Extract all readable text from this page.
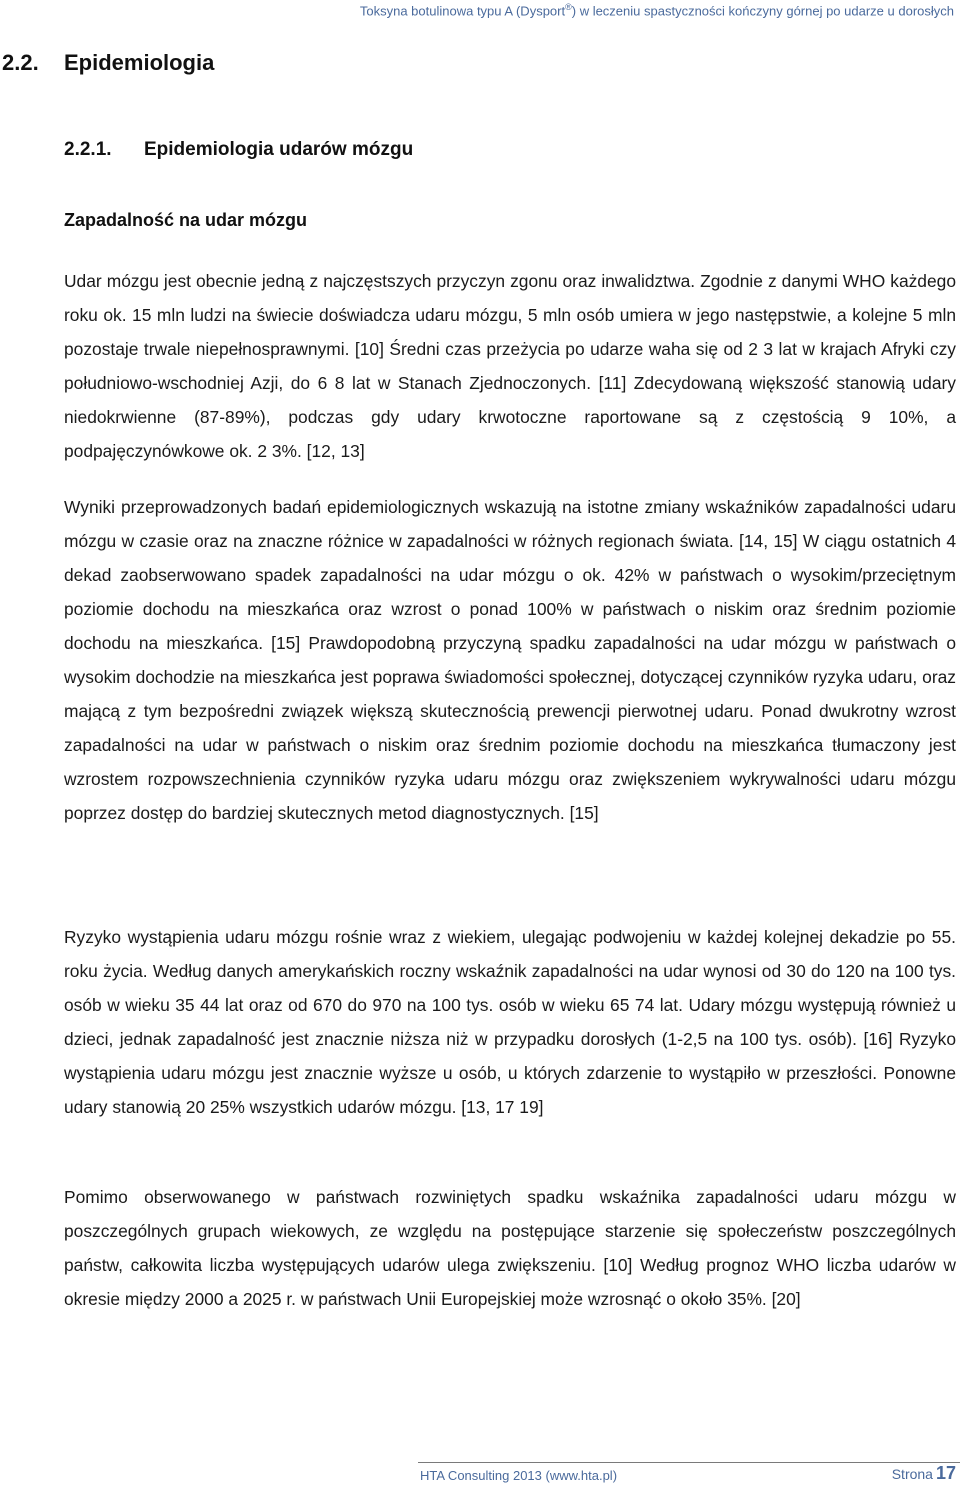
Toksyna botulinowa typu A (Dysport®) w leczeniu spastyczności kończyny górnej po udarze u dorosłych
2.2. Epidemiologia
2.2.1. Epidemiologia udarów mózgu
Zapadalność na udar mózgu

Udar mózgu jest obecnie jedną z najczęstszych przyczyn zgonu oraz inwalidztwa. Zgodnie z danymi WHO każdego roku ok. 15 mln ludzi na świecie doświadcza udaru mózgu, 5 mln osób umiera w jego następstwie, a kolejne 5 mln pozostaje trwale niepełnosprawnymi. [10] Średni czas przeżycia po udarze waha się od 2 3 lat w krajach Afryki czy południowo-wschodniej Azji, do 6 8 lat w Stanach Zjednoczonych. [11] Zdecydowaną większość stanowią udary niedokrwienne (87-89%), podczas gdy udary krwotoczne raportowane są z częstością 9 10%, a podpajęczynówkowe ok. 2 3%. [12, 13]

Wyniki przeprowadzonych badań epidemiologicznych wskazują na istotne zmiany wskaźników zapadalności udaru mózgu w czasie oraz na znaczne różnice w zapadalności w różnych regionach świata. [14, 15] W ciągu ostatnich 4 dekad zaobserwowano spadek zapadalności na udar mózgu o ok. 42% w państwach o wysokim/przeciętnym poziomie dochodu na mieszkańca oraz wzrost o ponad 100% w państwach o niskim oraz średnim poziomie dochodu na mieszkańca. [15] Prawdopodobną przyczyną spadku zapadalności na udar mózgu w państwach o wysokim dochodzie na mieszkańca jest poprawa świadomości społecznej, dotyczącej czynników ryzyka udaru, oraz mającą z tym bezpośredni związek większą skutecznością prewencji pierwotnej udaru. Ponad dwukrotny wzrost zapadalności na udar w państwach o niskim oraz średnim poziomie dochodu na mieszkańca tłumaczony jest wzrostem rozpowszechnienia czynników ryzyka udaru mózgu oraz zwiększeniem wykrywalności udaru mózgu poprzez dostęp do bardziej skutecznych metod diagnostycznych. [15]

Ryzyko wystąpienia udaru mózgu rośnie wraz z wiekiem, ulegając podwojeniu w każdej kolejnej dekadzie po 55. roku życia. Według danych amerykańskich roczny wskaźnik zapadalności na udar wynosi od 30 do 120 na 100 tys. osób w wieku 35 44 lat oraz od 670 do 970 na 100 tys. osób w wieku 65 74 lat. Udary mózgu występują również u dzieci, jednak zapadalność jest znacznie niższa niż w przypadku dorosłych (1-2,5 na 100 tys. osób). [16] Ryzyko wystąpienia udaru mózgu jest znacznie wyższe u osób, u których zdarzenie to wystąpiło w przeszłości. Ponowne udary stanowią 20 25% wszystkich udarów mózgu. [13, 17 19]

Pomimo obserwowanego w państwach rozwiniętych spadku wskaźnika zapadalności udaru mózgu w poszczególnych grupach wiekowych, ze względu na postępujące starzenie się społeczeństw poszczególnych państw, całkowita liczba występujących udarów ulega zwiększeniu. [10] Według prognoz WHO liczba udarów w okresie między 2000 a 2025 r. w państwach Unii Europejskiej może wzrosnąć o około 35%. [20]

HTA Consulting 2013 (www.hta.pl)	Strona 17
